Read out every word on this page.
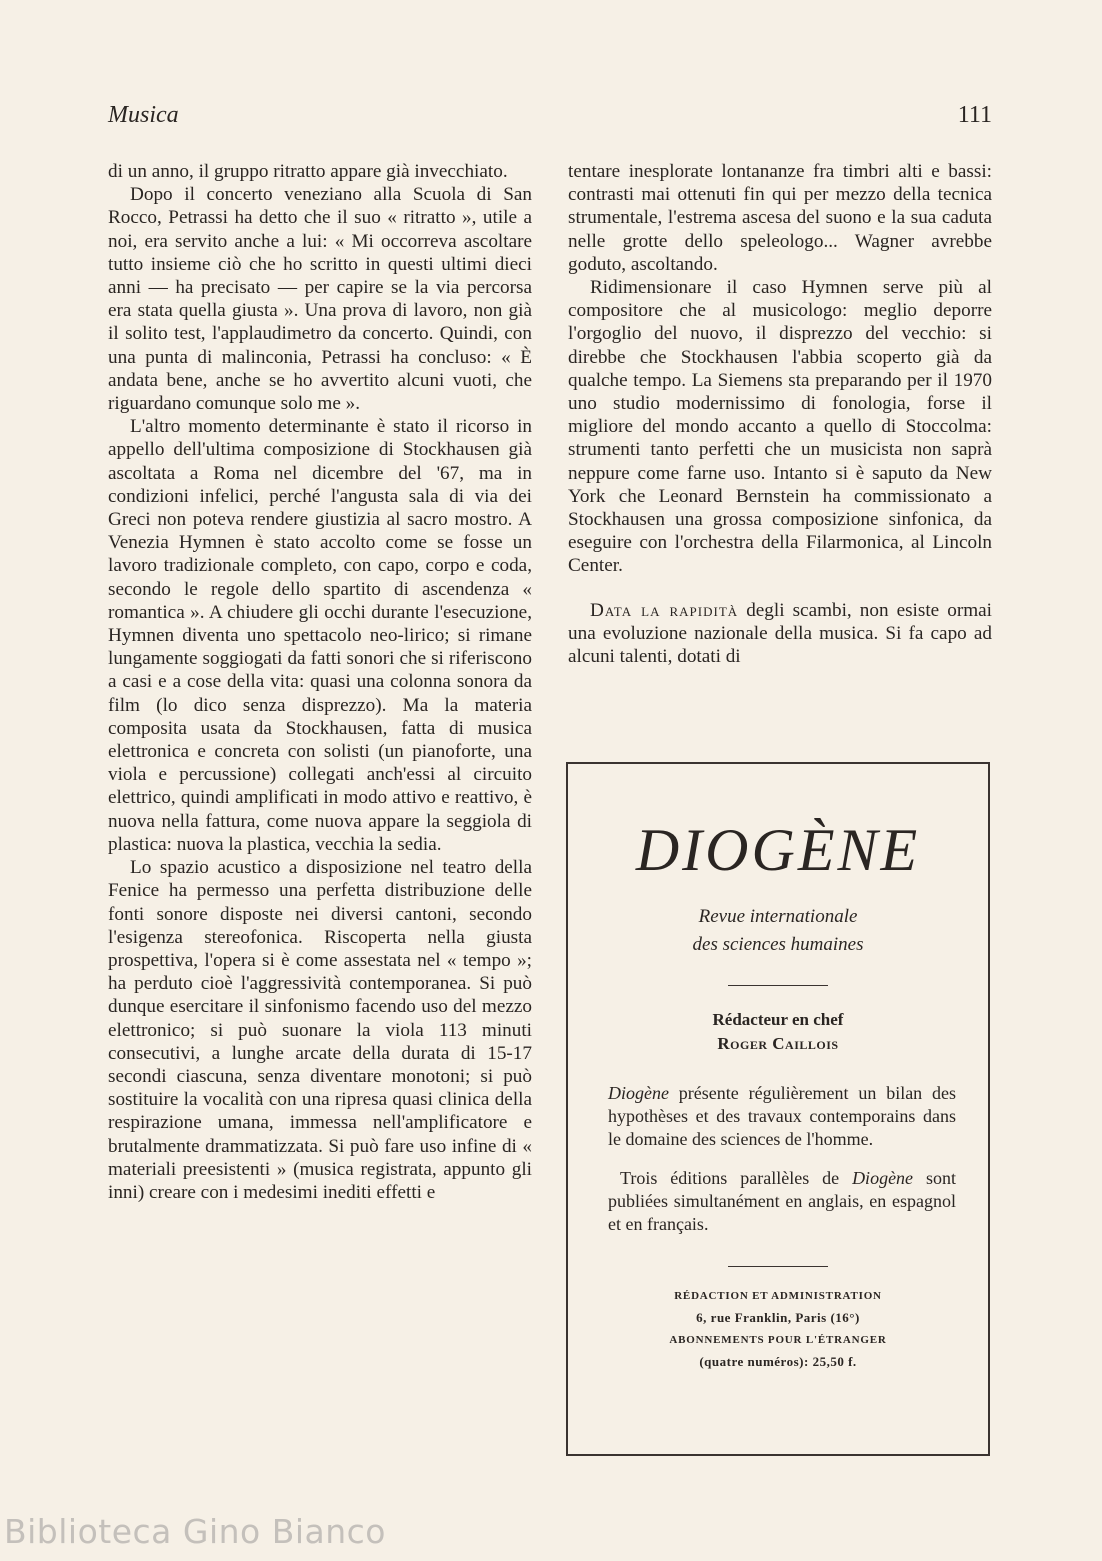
Musica	111

di un anno, il gruppo ritratto appare già invecchiato.

Dopo il concerto veneziano alla Scuola di San Rocco, Petrassi ha detto che il suo « ritratto », utile a noi, era servito anche a lui: « Mi occorreva ascoltare tutto insieme ciò che ho scritto in questi ultimi dieci anni — ha precisato — per capire se la via percorsa era stata quella giusta ». Una prova di lavoro, non già il solito test, l'applaudimetro da concerto. Quindi, con una punta di malinconia, Petrassi ha concluso: « È andata bene, anche se ho avvertito alcuni vuoti, che riguardano comunque solo me ».

L'altro momento determinante è stato il ricorso in appello dell'ultima composizione di Stockhausen già ascoltata a Roma nel dicembre del '67, ma in condizioni infelici, perché l'angusta sala di via dei Greci non poteva rendere giustizia al sacro mostro. A Venezia Hymnen è stato accolto come se fosse un lavoro tradizionale completo, con capo, corpo e coda, secondo le regole dello spartito di ascendenza « romantica ». A chiudere gli occhi durante l'esecuzione, Hymnen diventa uno spettacolo neo-lirico; si rimane lungamente soggiogati da fatti sonori che si riferiscono a casi e a cose della vita: quasi una colonna sonora da film (lo dico senza disprezzo). Ma la materia composita usata da Stockhausen, fatta di musica elettronica e concreta con solisti (un pianoforte, una viola e percussione) collegati anch'essi al circuito elettrico, quindi amplificati in modo attivo e reattivo, è nuova nella fattura, come nuova appare la seggiola di plastica: nuova la plastica, vecchia la sedia.

Lo spazio acustico a disposizione nel teatro della Fenice ha permesso una perfetta distribuzione delle fonti sonore disposte nei diversi cantoni, secondo l'esigenza stereofonica. Riscoperta nella giusta prospettiva, l'opera si è come assestata nel « tempo »; ha perduto cioè l'aggressività contemporanea. Si può dunque esercitare il sinfonismo facendo uso del mezzo elettronico; si può suonare la viola 113 minuti consecutivi, a lunghe arcate della durata di 15-17 secondi ciascuna, senza diventare monotoni; si può sostituire la vocalità con una ripresa quasi clinica della respirazione umana, immessa nell'amplificatore e brutalmente drammatizzata. Si può fare uso infine di « materiali preesistenti » (musica registrata, appunto gli inni) creare con i medesimi inediti effetti e

tentare inesplorate lontananze fra timbri alti e bassi: contrasti mai ottenuti fin qui per mezzo della tecnica strumentale, l'estrema ascesa del suono e la sua caduta nelle grotte dello speleologo... Wagner avrebbe goduto, ascoltando.

Ridimensionare il caso Hymnen serve più al compositore che al musicologo: meglio deporre l'orgoglio del nuovo, il disprezzo del vecchio: si direbbe che Stockhausen l'abbia scoperto già da qualche tempo. La Siemens sta preparando per il 1970 uno studio modernissimo di fonologia, forse il migliore del mondo accanto a quello di Stoccolma: strumenti tanto perfetti che un musicista non saprà neppure come farne uso. Intanto si è saputo da New York che Leonard Bernstein ha commissionato a Stockhausen una grossa composizione sinfonica, da eseguire con l'orchestra della Filarmonica, al Lincoln Center.

Data la rapidità degli scambi, non esiste ormai una evoluzione nazionale della musica. Si fa capo ad alcuni talenti, dotati di

DIOGÈNE
Revue internationale
des sciences humaines
Rédacteur en chef
Roger Caillois

Diogène présente régulièrement un bilan des hypothèses et des travaux contemporains dans le domaine des sciences de l'homme.

Trois éditions parallèles de Diogène sont publiées simultanément en anglais, en espagnol et en français.

RÉDACTION ET ADMINISTRATION
6, rue Franklin, Paris (16°)
ABONNEMENTS POUR L'ÉTRANGER
(quatre numéros): 25,50 f.
Biblioteca Gino Bianco
